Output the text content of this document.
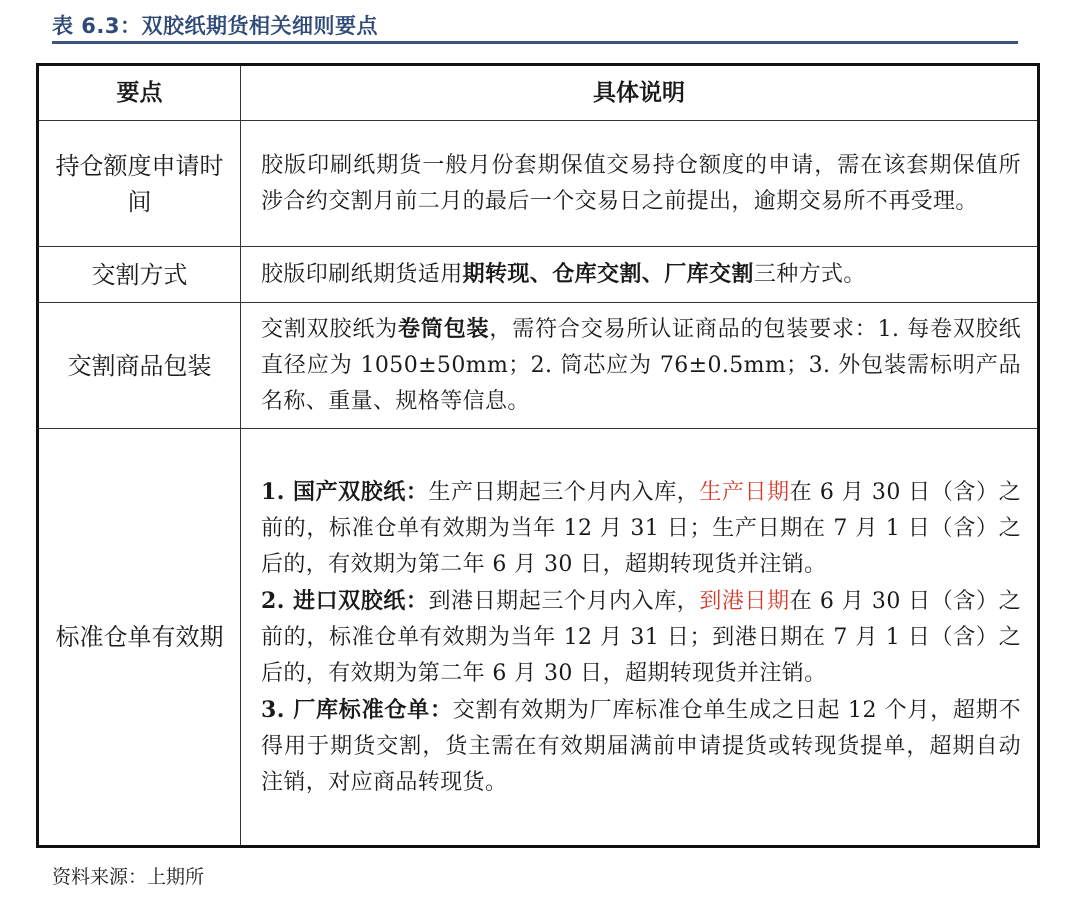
表 6.3：双胶纸期货相关细则要点
要点	具体说明
持仓额度申请时间	胶版印刷纸期货一般月份套期保值交易持仓额度的申请，需在该套期保值所涉合约交割月前二月的最后一个交易日之前提出，逾期交易所不再受理。
交割方式	胶版印刷纸期货适用期转现、仓库交割、厂库交割三种方式。
交割商品包装	交割双胶纸为卷筒包装，需符合交易所认证商品的包装要求：1. 每卷双胶纸直径应为 1050±50mm；2. 筒芯应为 76±0.5mm；3. 外包装需标明产品名称、重量、规格等信息。
标准仓单有效期	1. 国产双胶纸：生产日期起三个月内入库，生产日期在 6 月 30 日（含）之前的，标准仓单有效期为当年 12 月 31 日；生产日期在 7 月 1 日（含）之后的，有效期为第二年 6 月 30 日，超期转现货并注销。
2. 进口双胶纸：到港日期起三个月内入库，到港日期在 6 月 30 日（含）之前的，标准仓单有效期为当年 12 月 31 日；到港日期在 7 月 1 日（含）之后的，有效期为第二年 6 月 30 日，超期转现货并注销。
3. 厂库标准仓单：交割有效期为厂库标准仓单生成之日起 12 个月，超期不得用于期货交割，货主需在有效期届满前申请提货或转现货提单，超期自动注销，对应商品转现货。
资料来源：上期所
